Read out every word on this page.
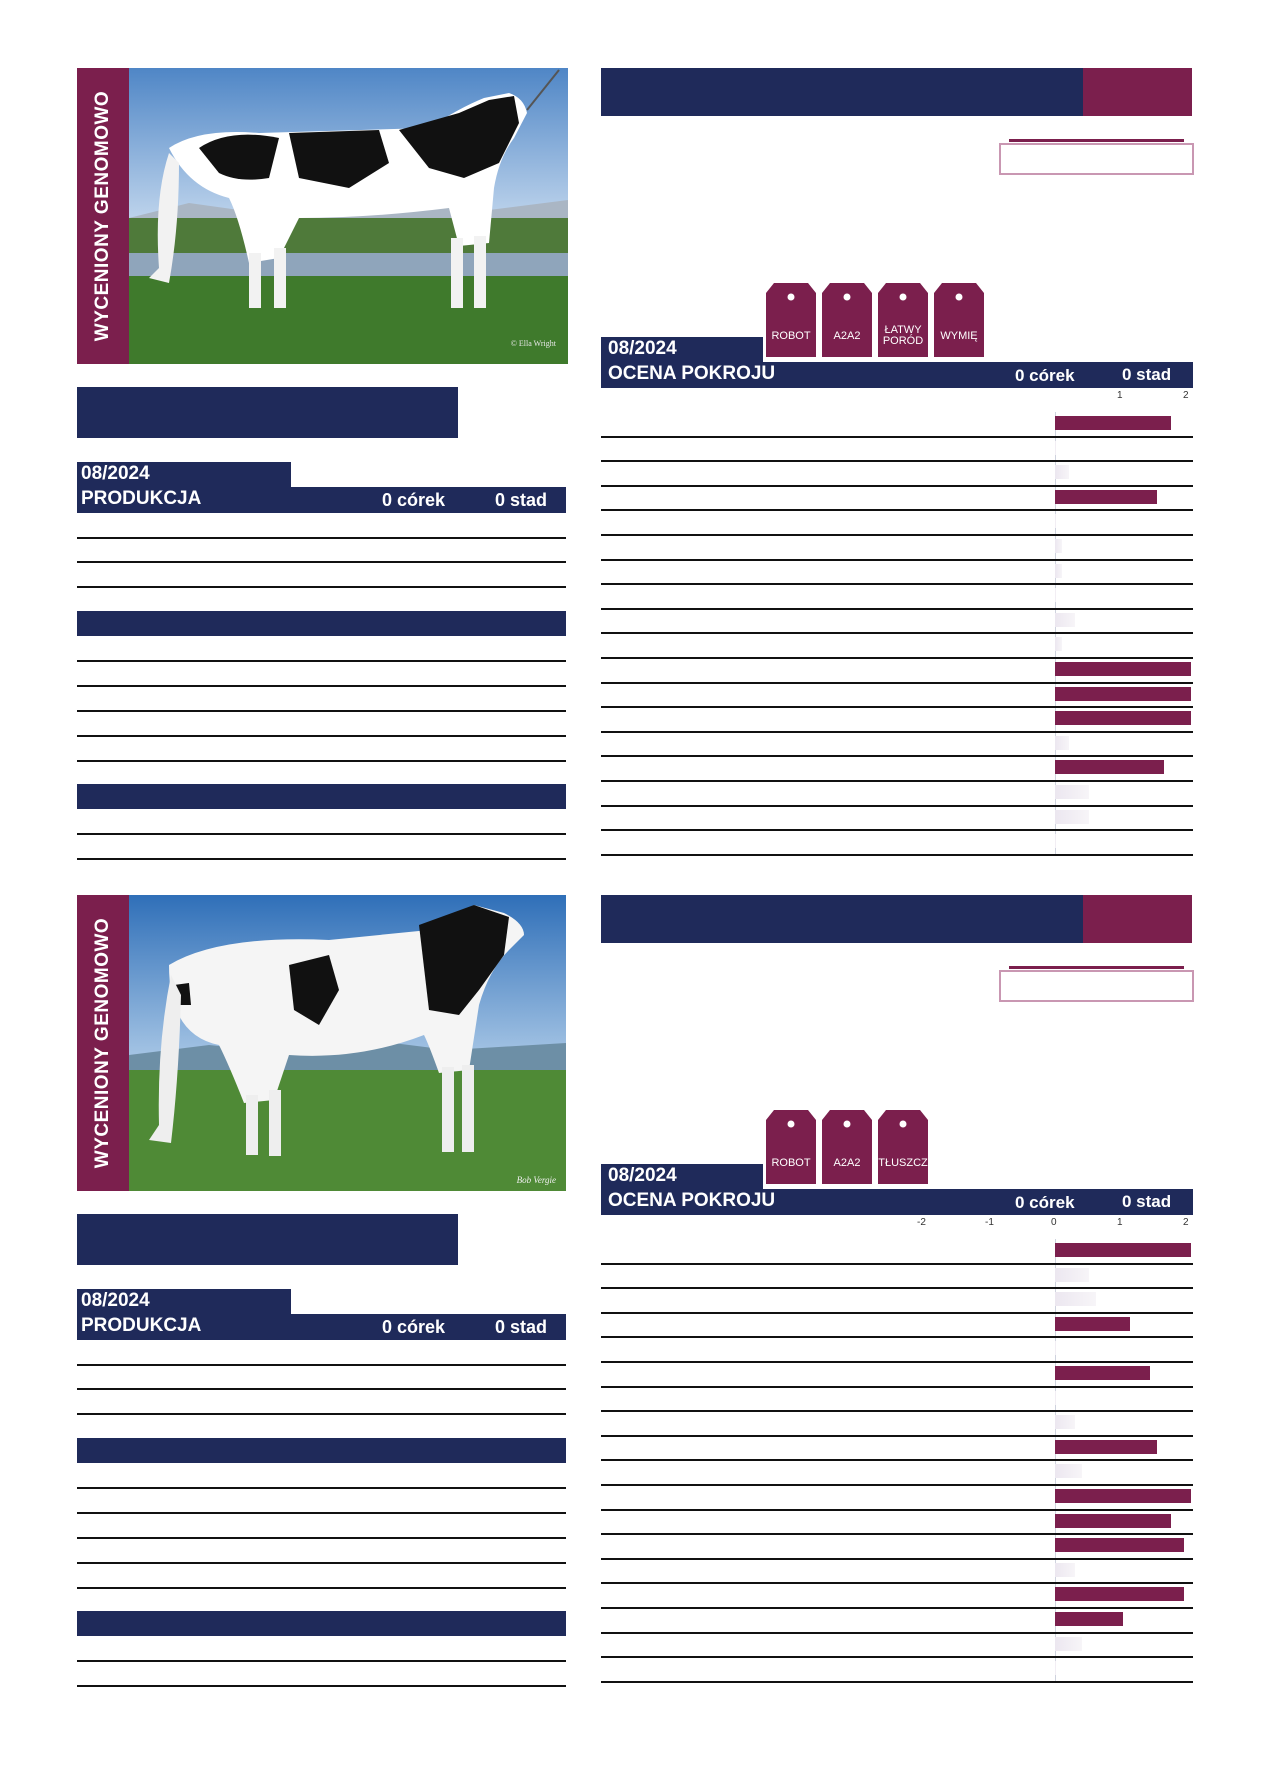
WYCENIONY GENOMOWO
© Ella Wright
ROBOT	A2A2	ŁATWY PORÓD	WYMIĘ
08/2024
OCENA POKROJU	0 córek	0 stad
1	2
08/2024
PRODUKCJA	0 córek	0 stad
WYCENIONY GENOMOWO
Bob Vergie
ROBOT	A2A2	TŁUSZCZ
08/2024
OCENA POKROJU	0 córek	0 stad
-2	-1	0	1	2
08/2024
PRODUKCJA	0 córek	0 stad
